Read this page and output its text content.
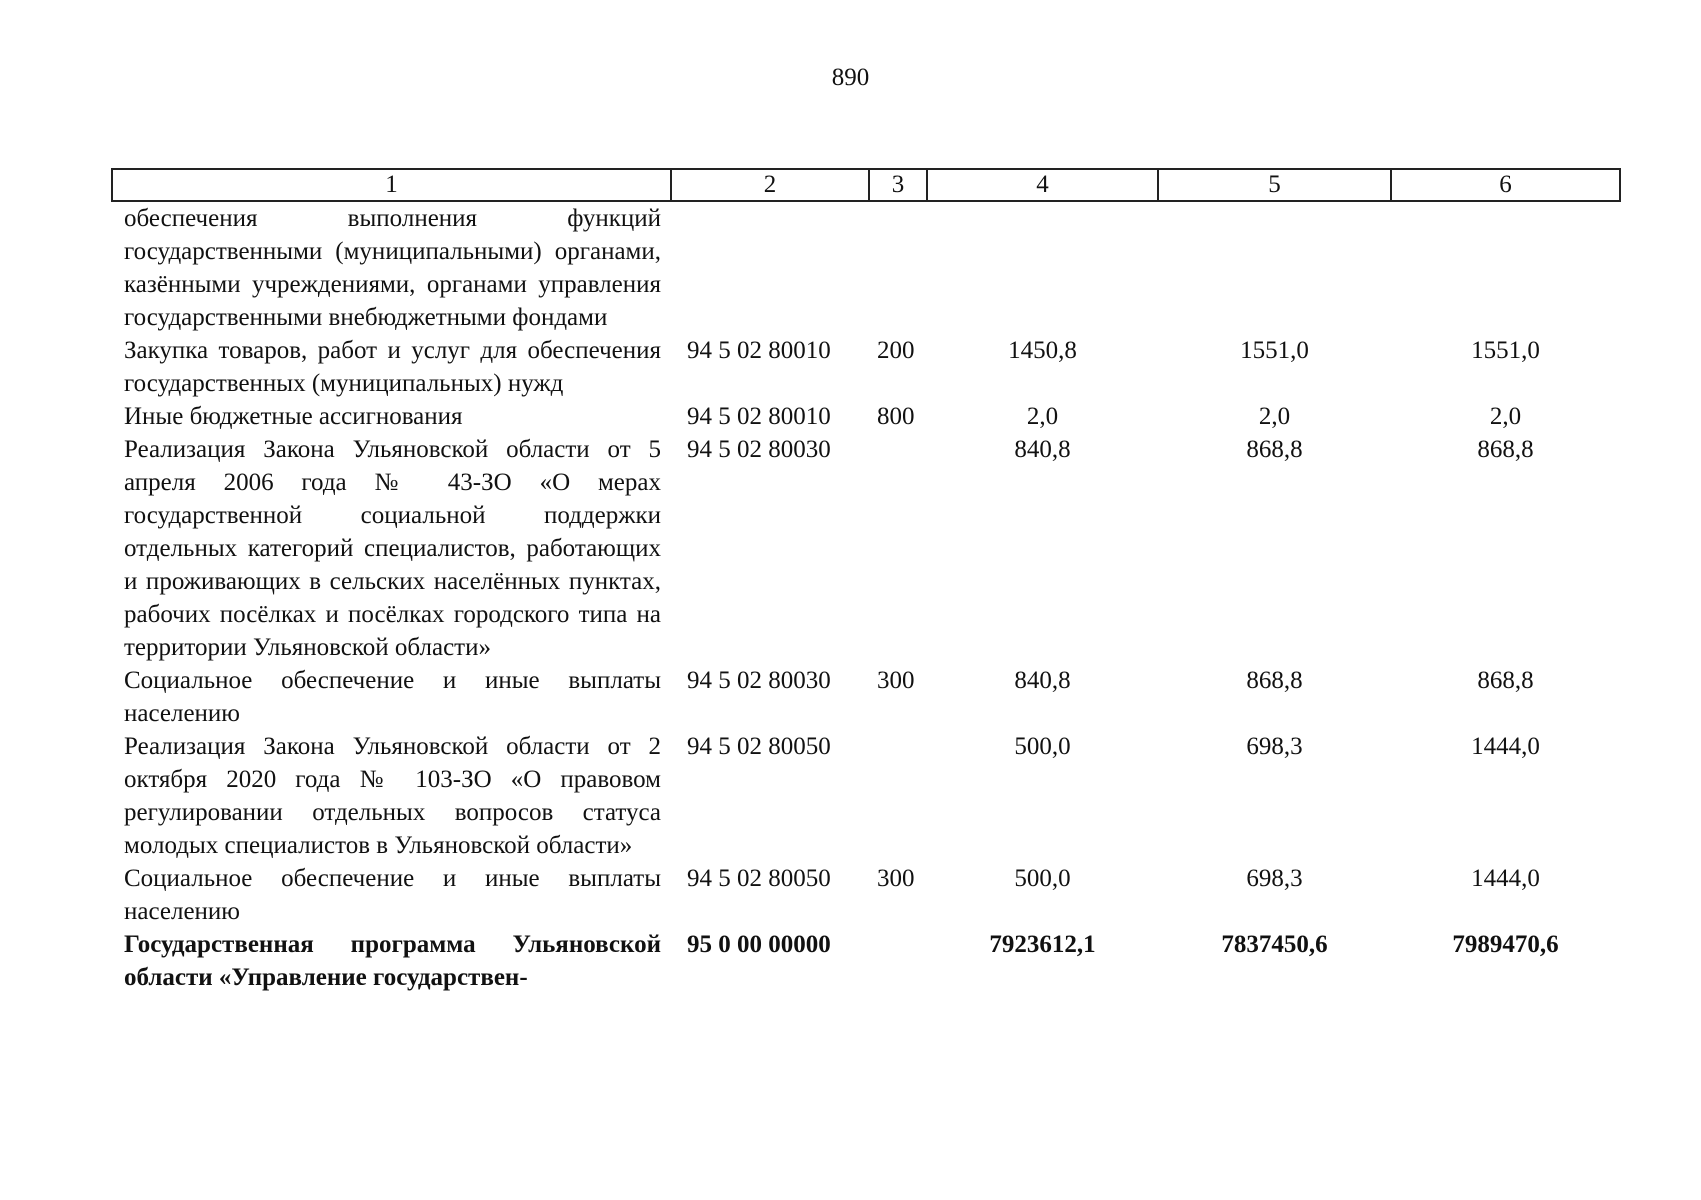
890
1	2	3	4	5	6
обеспечения выполнения функций государственными (муниципальными) органами, казёнными учреждениями, органами управления государственными внебюджетными фондами					
Закупка товаров, работ и услуг для обеспечения государственных (муниципальных) нужд	94 5 02 80010	200	1450,8	1551,0	1551,0
Иные бюджетные ассигнования	94 5 02 80010	800	2,0	2,0	2,0
Реализация Закона Ульяновской области от 5 апреля 2006 года № 43-ЗО «О мерах государственной социальной поддержки отдельных категорий специалистов, работающих и проживающих в сельских населённых пунктах, рабочих посёлках и посёлках городского типа на территории Ульяновской области»	94 5 02 80030		840,8	868,8	868,8
Социальное обеспечение и иные выплаты населению	94 5 02 80030	300	840,8	868,8	868,8
Реализация Закона Ульяновской области от 2 октября 2020 года № 103-ЗО «О правовом регулировании отдельных вопросов статуса молодых специалистов в Ульяновской области»	94 5 02 80050		500,0	698,3	1444,0
Социальное обеспечение и иные выплаты населению	94 5 02 80050	300	500,0	698,3	1444,0
Государственная программа Ульяновской области «Управление государствен-	95 0 00 00000		7923612,1	7837450,6	7989470,6
